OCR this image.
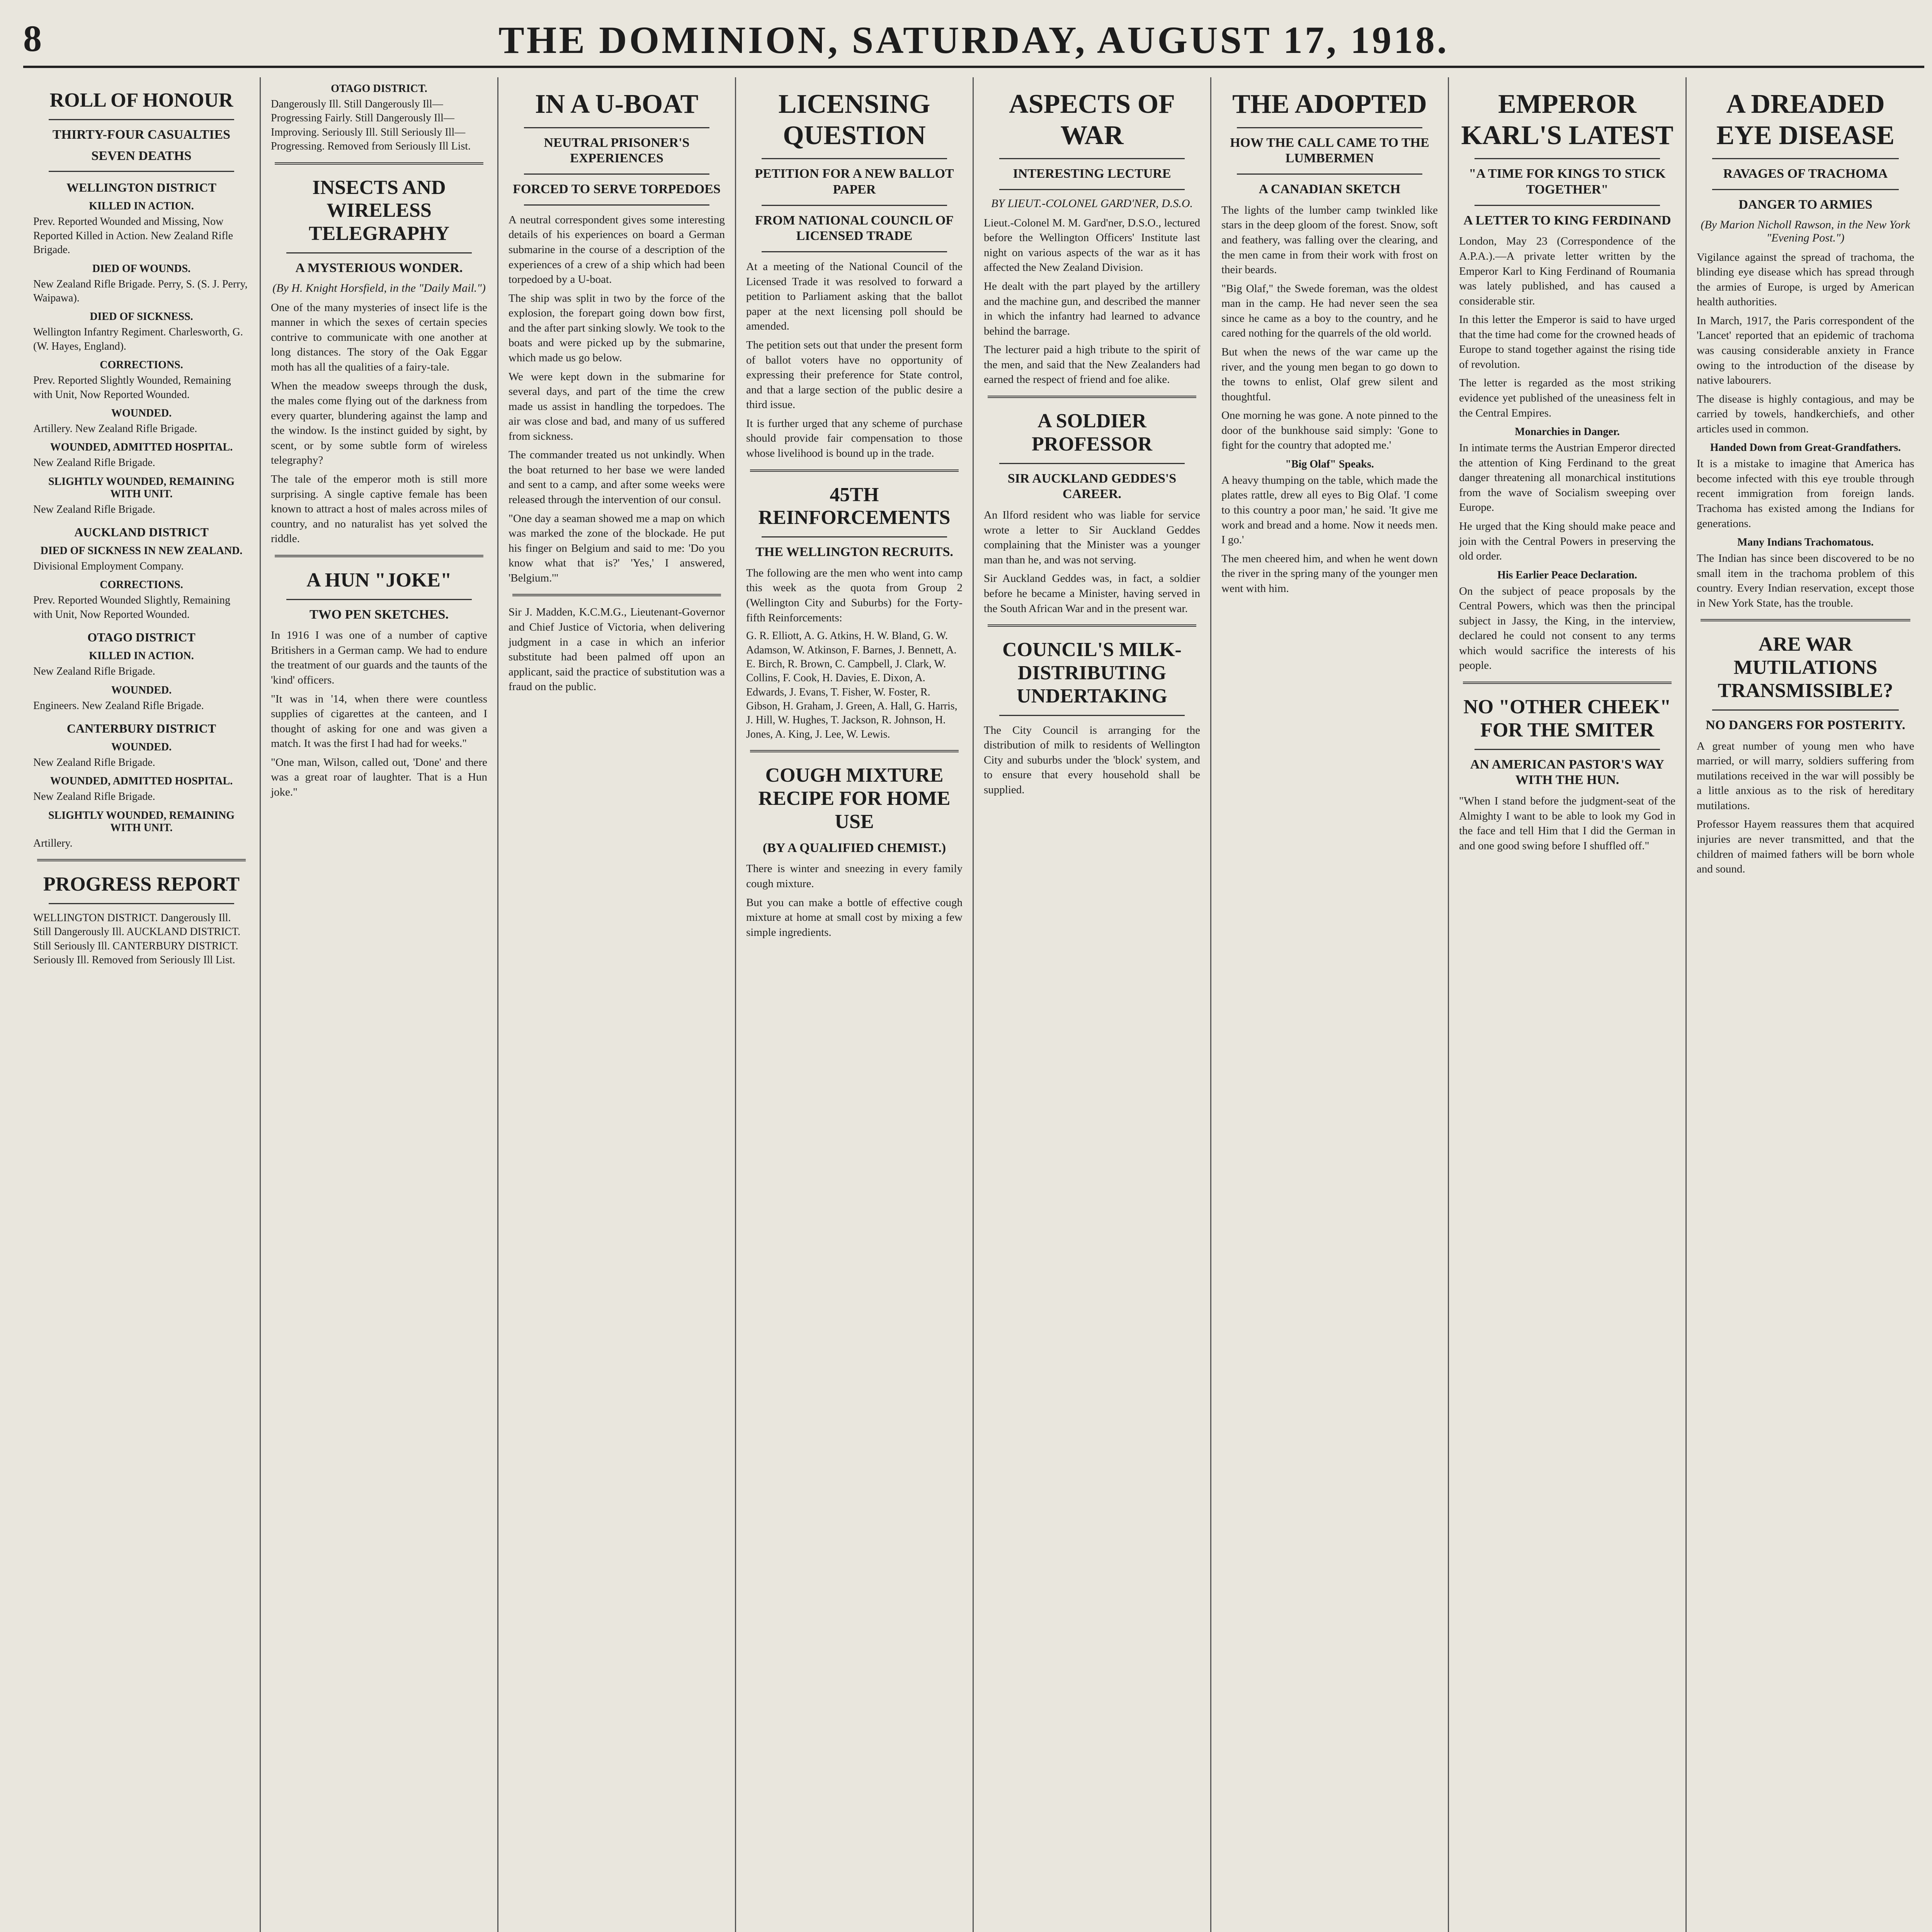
8	THE DOMINION, SATURDAY, AUGUST 17, 1918.
ROLL OF HONOUR
THIRTY-FOUR CASUALTIES
SEVEN DEATHS
WELLINGTON DISTRICT
KILLED IN ACTION.
Prev. Reported Wounded and Missing, Now Reported Killed in Action. New Zealand Rifle Brigade.
DIED OF WOUNDS.
New Zealand Rifle Brigade. Perry, S. (S. J. Perry, Waipawa).
DIED OF SICKNESS.
Wellington Infantry Regiment. Charlesworth, G. (W. Hayes, England).
CORRECTIONS.
Prev. Reported Slightly Wounded, Remaining with Unit, Now Reported Wounded.
WOUNDED.
Artillery. New Zealand Rifle Brigade.
WOUNDED, ADMITTED HOSPITAL.
New Zealand Rifle Brigade.
SLIGHTLY WOUNDED, REMAINING WITH UNIT.
New Zealand Rifle Brigade.
AUCKLAND DISTRICT
DIED OF SICKNESS IN NEW ZEALAND.
Divisional Employment Company.
CORRECTIONS.
Prev. Reported Wounded Slightly, Remaining with Unit, Now Reported Wounded.
OTAGO DISTRICT
KILLED IN ACTION.
New Zealand Rifle Brigade.
WOUNDED.
Engineers. New Zealand Rifle Brigade.
CANTERBURY DISTRICT
WOUNDED.
New Zealand Rifle Brigade.
WOUNDED, ADMITTED HOSPITAL.
New Zealand Rifle Brigade.
SLIGHTLY WOUNDED, REMAINING WITH UNIT.
Artillery.
PROGRESS REPORT
WELLINGTON DISTRICT. Dangerously Ill. Still Dangerously Ill. AUCKLAND DISTRICT. Still Seriously Ill. CANTERBURY DISTRICT. Seriously Ill. Removed from Seriously Ill List.
OTAGO DISTRICT.
Dangerously Ill. Still Dangerously Ill—Progressing Fairly. Still Dangerously Ill—Improving. Seriously Ill. Still Seriously Ill—Progressing. Removed from Seriously Ill List.
INSECTS AND WIRELESS TELEGRAPHY
A MYSTERIOUS WONDER.
(By H. Knight Horsfield, in the "Daily Mail.")

One of the many mysteries of insect life is the manner in which the sexes of certain species contrive to communicate with one another at long distances. The story of the Oak Eggar moth has all the qualities of a fairy-tale.

When the meadow sweeps through the dusk, the males come flying out of the darkness from every quarter, blundering against the lamp and the window. Is the instinct guided by sight, by scent, or by some subtle form of wireless telegraphy?

The tale of the emperor moth is still more surprising. A single captive female has been known to attract a host of males across miles of country, and no naturalist has yet solved the riddle.

A HUN "JOKE"
TWO PEN SKETCHES.

In 1916 I was one of a number of captive Britishers in a German camp. We had to endure the treatment of our guards and the taunts of the 'kind' officers.

"It was in '14, when there were countless supplies of cigarettes at the canteen, and I thought of asking for one and was given a match. It was the first I had had for weeks."

"One man, Wilson, called out, 'Done' and there was a great roar of laughter. That is a Hun joke."

IN A U-BOAT
NEUTRAL PRISONER'S EXPERIENCES
FORCED TO SERVE TORPEDOES

A neutral correspondent gives some interesting details of his experiences on board a German submarine in the course of a description of the experiences of a crew of a ship which had been torpedoed by a U-boat.

The ship was split in two by the force of the explosion, the forepart going down bow first, and the after part sinking slowly. We took to the boats and were picked up by the submarine, which made us go below.

We were kept down in the submarine for several days, and part of the time the crew made us assist in handling the torpedoes. The air was close and bad, and many of us suffered from sickness.

The commander treated us not unkindly. When the boat returned to her base we were landed and sent to a camp, and after some weeks were released through the intervention of our consul.

"One day a seaman showed me a map on which was marked the zone of the blockade. He put his finger on Belgium and said to me: 'Do you know what that is?' 'Yes,' I answered, 'Belgium.'"

Sir J. Madden, K.C.M.G., Lieutenant-Governor and Chief Justice of Victoria, when delivering judgment in a case in which an inferior substitute had been palmed off upon an applicant, said the practice of substitution was a fraud on the public.

LICENSING QUESTION
PETITION FOR A NEW BALLOT PAPER
FROM NATIONAL COUNCIL OF LICENSED TRADE

At a meeting of the National Council of the Licensed Trade it was resolved to forward a petition to Parliament asking that the ballot paper at the next licensing poll should be amended.

The petition sets out that under the present form of ballot voters have no opportunity of expressing their preference for State control, and that a large section of the public desire a third issue.

It is further urged that any scheme of purchase should provide fair compensation to those whose livelihood is bound up in the trade.

45TH REINFORCEMENTS
THE WELLINGTON RECRUITS.

The following are the men who went into camp this week as the quota from Group 2 (Wellington City and Suburbs) for the Forty-fifth Reinforcements:

G. R. Elliott, A. G. Atkins, H. W. Bland, G. W. Adamson, W. Atkinson, F. Barnes, J. Bennett, A. E. Birch, R. Brown, C. Campbell, J. Clark, W. Collins, F. Cook, H. Davies, E. Dixon, A. Edwards, J. Evans, T. Fisher, W. Foster, R. Gibson, H. Graham, J. Green, A. Hall, G. Harris, J. Hill, W. Hughes, T. Jackson, R. Johnson, H. Jones, A. King, J. Lee, W. Lewis.

COUGH MIXTURE RECIPE FOR HOME USE
(BY A QUALIFIED CHEMIST.)

There is winter and sneezing in every family cough mixture.

But you can make a bottle of effective cough mixture at home at small cost by mixing a few simple ingredients.

ASPECTS OF WAR
INTERESTING LECTURE
BY LIEUT.-COLONEL GARD'NER, D.S.O.

Lieut.-Colonel M. M. Gard'ner, D.S.O., lectured before the Wellington Officers' Institute last night on various aspects of the war as it has affected the New Zealand Division.

He dealt with the part played by the artillery and the machine gun, and described the manner in which the infantry had learned to advance behind the barrage.

The lecturer paid a high tribute to the spirit of the men, and said that the New Zealanders had earned the respect of friend and foe alike.

A SOLDIER PROFESSOR
SIR AUCKLAND GEDDES'S CAREER.

An Ilford resident who was liable for service wrote a letter to Sir Auckland Geddes complaining that the Minister was a younger man than he, and was not serving.

Sir Auckland Geddes was, in fact, a soldier before he became a Minister, having served in the South African War and in the present war.

COUNCIL'S MILK-DISTRIBUTING UNDERTAKING

The City Council is arranging for the distribution of milk to residents of Wellington City and suburbs under the 'block' system, and to ensure that every household shall be supplied.

THE ADOPTED
HOW THE CALL CAME TO THE LUMBERMEN
A CANADIAN SKETCH

The lights of the lumber camp twinkled like stars in the deep gloom of the forest. Snow, soft and feathery, was falling over the clearing, and the men came in from their work with frost on their beards.

"Big Olaf," the Swede foreman, was the oldest man in the camp. He had never seen the sea since he came as a boy to the country, and he cared nothing for the quarrels of the old world.

But when the news of the war came up the river, and the young men began to go down to the towns to enlist, Olaf grew silent and thoughtful.

One morning he was gone. A note pinned to the door of the bunkhouse said simply: 'Gone to fight for the country that adopted me.'

"Big Olaf" Speaks.

A heavy thumping on the table, which made the plates rattle, drew all eyes to Big Olaf. 'I come to this country a poor man,' he said. 'It give me work and bread and a home. Now it needs men. I go.'

The men cheered him, and when he went down the river in the spring many of the younger men went with him.

EMPEROR KARL'S LATEST
"A TIME FOR KINGS TO STICK TOGETHER"
A LETTER TO KING FERDINAND

London, May 23 (Correspondence of the A.P.A.).—A private letter written by the Emperor Karl to King Ferdinand of Roumania was lately published, and has caused a considerable stir.

In this letter the Emperor is said to have urged that the time had come for the crowned heads of Europe to stand together against the rising tide of revolution.

The letter is regarded as the most striking evidence yet published of the uneasiness felt in the Central Empires.

Monarchies in Danger.

In intimate terms the Austrian Emperor directed the attention of King Ferdinand to the great danger threatening all monarchical institutions from the wave of Socialism sweeping over Europe.

He urged that the King should make peace and join with the Central Powers in preserving the old order.

His Earlier Peace Declaration.

On the subject of peace proposals by the Central Powers, which was then the principal subject in Jassy, the King, in the interview, declared he could not consent to any terms which would sacrifice the interests of his people.

NO "OTHER CHEEK" FOR THE SMITER
AN AMERICAN PASTOR'S WAY WITH THE HUN.

"When I stand before the judgment-seat of the Almighty I want to be able to look my God in the face and tell Him that I did the German in and one good swing before I shuffled off."

A DREADED EYE DISEASE
RAVAGES OF TRACHOMA
DANGER TO ARMIES
(By Marion Nicholl Rawson, in the New York "Evening Post.")

Vigilance against the spread of trachoma, the blinding eye disease which has spread through the armies of Europe, is urged by American health authorities.

In March, 1917, the Paris correspondent of the 'Lancet' reported that an epidemic of trachoma was causing considerable anxiety in France owing to the introduction of the disease by native labourers.

The disease is highly contagious, and may be carried by towels, handkerchiefs, and other articles used in common.

Handed Down from Great-Grandfathers.

It is a mistake to imagine that America has become infected with this eye trouble through recent immigration from foreign lands. Trachoma has existed among the Indians for generations.

Many Indians Trachomatous.

The Indian has since been discovered to be no small item in the trachoma problem of this country. Every Indian reservation, except those in New York State, has the trouble.

ARE WAR MUTILATIONS TRANSMISSIBLE?
NO DANGERS FOR POSTERITY.

A great number of young men who have married, or will marry, soldiers suffering from mutilations received in the war will possibly be a little anxious as to the risk of hereditary mutilations.

Professor Hayem reassures them that acquired injuries are never transmitted, and that the children of maimed fathers will be born whole and sound.
